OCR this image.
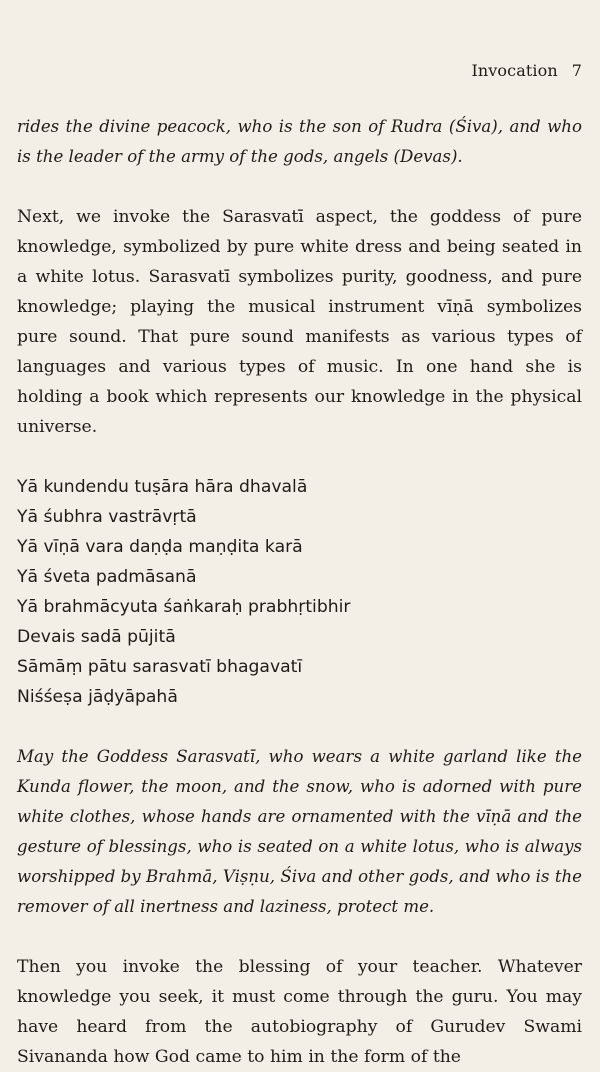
Invocation 7

rides the divine peacock, who is the son of Rudra (Śiva), and who is the leader of the army of the gods, angels (Devas).

Next, we invoke the Sarasvatī aspect, the goddess of pure knowledge, symbolized by pure white dress and being seated in a white lotus. Sarasvatī symbolizes purity, goodness, and pure knowledge; playing the musical instrument vīṇā symbolizes pure sound. That pure sound manifests as various types of languages and various types of music. In one hand she is holding a book which represents our knowledge in the physical universe.

Yā kundendu tuṣāra hāra dhavalā
Yā śubhra vastrāvṛtā
Yā vīṇā vara daṇḍa maṇḍita karā
Yā śveta padmāsanā
Yā brahmācyuta śaṅkaraḥ prabhṛtibhir
Devais sadā pūjitā
Sāmāṃ pātu sarasvatī bhagavatī
Niśśeṣa jāḍyāpahā

May the Goddess Sarasvatī, who wears a white garland like the Kunda flower, the moon, and the snow, who is adorned with pure white clothes, whose hands are ornamented with the vīṇā and the gesture of blessings, who is seated on a white lotus, who is always worshipped by Brahmā, Viṣṇu, Śiva and other gods, and who is the remover of all inertness and laziness, protect me.

Then you invoke the blessing of your teacher. Whatever knowledge you seek, it must come through the guru. You may have heard from the autobiography of Gurudev Swami Sivananda how God came to him in the form of the
